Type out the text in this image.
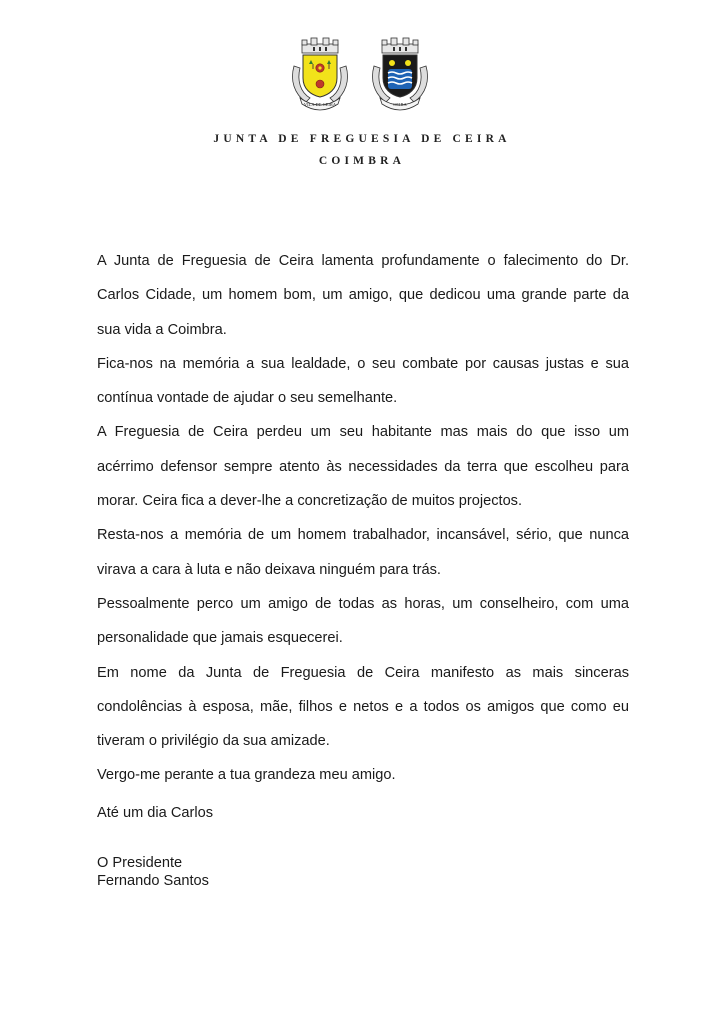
VILA DE CEIRA	CEIRA
JUNTA DE FREGUESIA DE CEIRA
COIMBRA

A Junta de Freguesia de Ceira lamenta profundamente o falecimento do Dr. Carlos Cidade, um homem bom, um amigo, que dedicou uma grande parte da sua vida a Coimbra.

Fica-nos na memória a sua lealdade, o seu combate por causas justas e sua contínua vontade de ajudar o seu semelhante.

A Freguesia de Ceira perdeu um seu habitante mas mais do que isso um acérrimo defensor sempre atento às necessidades da terra que escolheu para morar. Ceira fica a dever-lhe a concretização de muitos projectos.

Resta-nos a memória de um homem trabalhador, incansável, sério, que nunca virava a cara à luta e não deixava ninguém para trás.

Pessoalmente perco um amigo de todas as horas, um conselheiro, com uma personalidade que jamais esquecerei.

Em nome da Junta de Freguesia de Ceira manifesto as mais sinceras condolências à esposa, mãe, filhos e netos e a todos os amigos que como eu tiveram o privilégio da sua amizade.

Vergo-me perante a tua grandeza meu amigo.

Até um dia Carlos
O Presidente
Fernando Santos
